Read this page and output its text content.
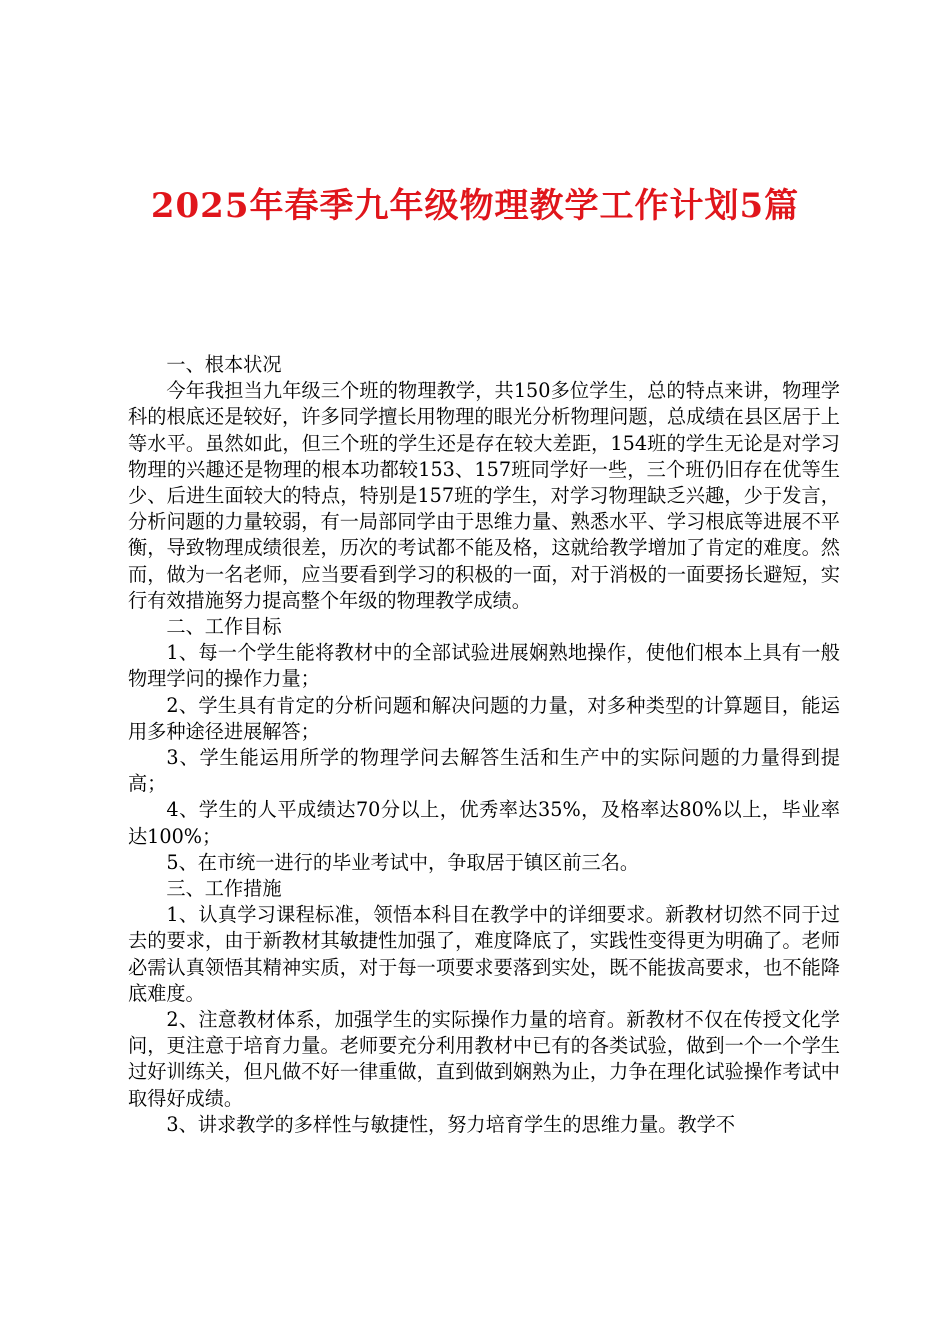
2025年春季九年级物理教学工作计划5篇

一、根本状况

今年我担当九年级三个班的物理教学，共150多位学生，总的特点来讲，物理学科的根底还是较好，许多同学擅长用物理的眼光分析物理问题，总成绩在县区居于上等水平。虽然如此，但三个班的学生还是存在较大差距，154班的学生无论是对学习物理的兴趣还是物理的根本功都较153、157班同学好一些，三个班仍旧存在优等生少、后进生面较大的特点，特别是157班的学生，对学习物理缺乏兴趣，少于发言，分析问题的力量较弱，有一局部同学由于思维力量、熟悉水平、学习根底等进展不平衡，导致物理成绩很差，历次的考试都不能及格，这就给教学增加了肯定的难度。然而，做为一名老师，应当要看到学习的积极的一面，对于消极的一面要扬长避短，实行有效措施努力提高整个年级的物理教学成绩。

二、工作目标

1、每一个学生能将教材中的全部试验进展娴熟地操作，使他们根本上具有一般物理学问的操作力量；

2、学生具有肯定的分析问题和解决问题的力量，对多种类型的计算题目，能运用多种途径进展解答；

3、学生能运用所学的物理学问去解答生活和生产中的实际问题的力量得到提高；

4、学生的人平成绩达70分以上，优秀率达35%，及格率达80%以上，毕业率达100%；

5、在市统一进行的毕业考试中，争取居于镇区前三名。

三、工作措施

1、认真学习课程标准，领悟本科目在教学中的详细要求。新教材切然不同于过去的要求，由于新教材其敏捷性加强了，难度降底了，实践性变得更为明确了。老师必需认真领悟其精神实质，对于每一项要求要落到实处，既不能拔高要求，也不能降底难度。

2、注意教材体系，加强学生的实际操作力量的培育。新教材不仅在传授文化学问，更注意于培育力量。老师要充分利用教材中已有的各类试验，做到一个一个学生过好训练关，但凡做不好一律重做，直到做到娴熟为止，力争在理化试验操作考试中取得好成绩。

3、讲求教学的多样性与敏捷性，努力培育学生的思维力量。教学不
